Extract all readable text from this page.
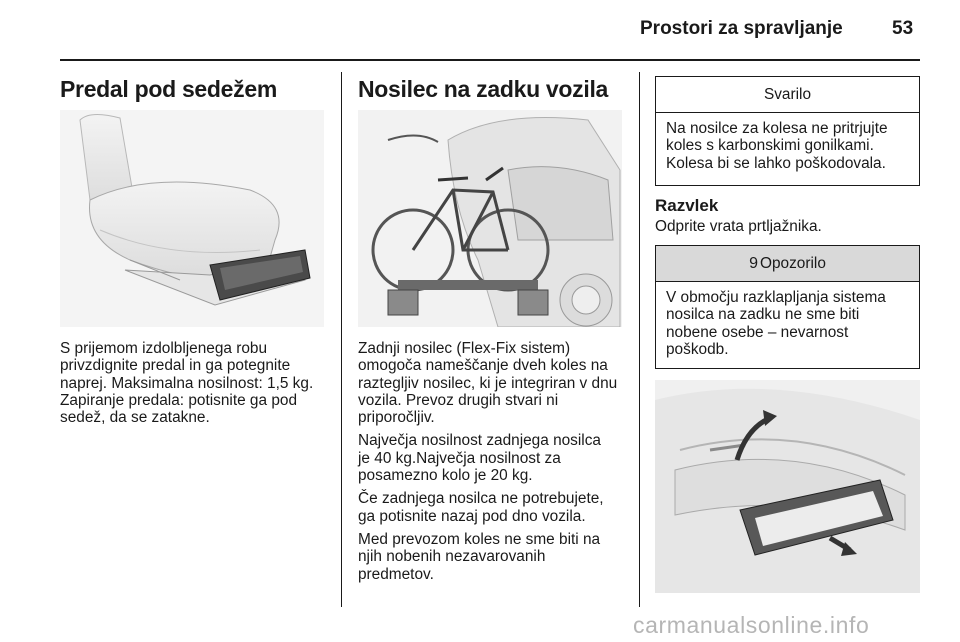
Prostori za spravljanje	53
Predal pod sedežem

S prijemom izdolbljenega robu
privzdignite predal in ga potegnite
naprej. Maksimalna nosilnost: 1,5 kg.
Zapiranje predala: potisnite ga pod
sedež, da se zatakne.

Nosilec na zadku vozila

Zadnji nosilec (Flex-Fix sistem)
omogoča nameščanje dveh koles na
raztegljiv nosilec, ki je integriran v dnu
vozila. Prevoz drugih stvari ni
priporočljiv.

Največja nosilnost zadnjega nosilca
je 40 kg.Največja nosilnost za
posamezno kolo je 20 kg.

Če zadnjega nosilca ne potrebujete,
ga potisnite nazaj pod dno vozila.

Med prevozom koles ne sme biti na
njih nobenih nezavarovanih
predmetov.

Svarilo
Na nosilce za kolesa ne pritrjujte
koles s karbonskimi gonilkami.
Kolesa bi se lahko poškodovala.
Razvlek
Odprite vrata prtljažnika.
9 Opozorilo
V območju razklapljanja sistema
nosilca na zadku ne sme biti
nobene osebe – nevarnost
poškodb.
carmanualsonline.info
